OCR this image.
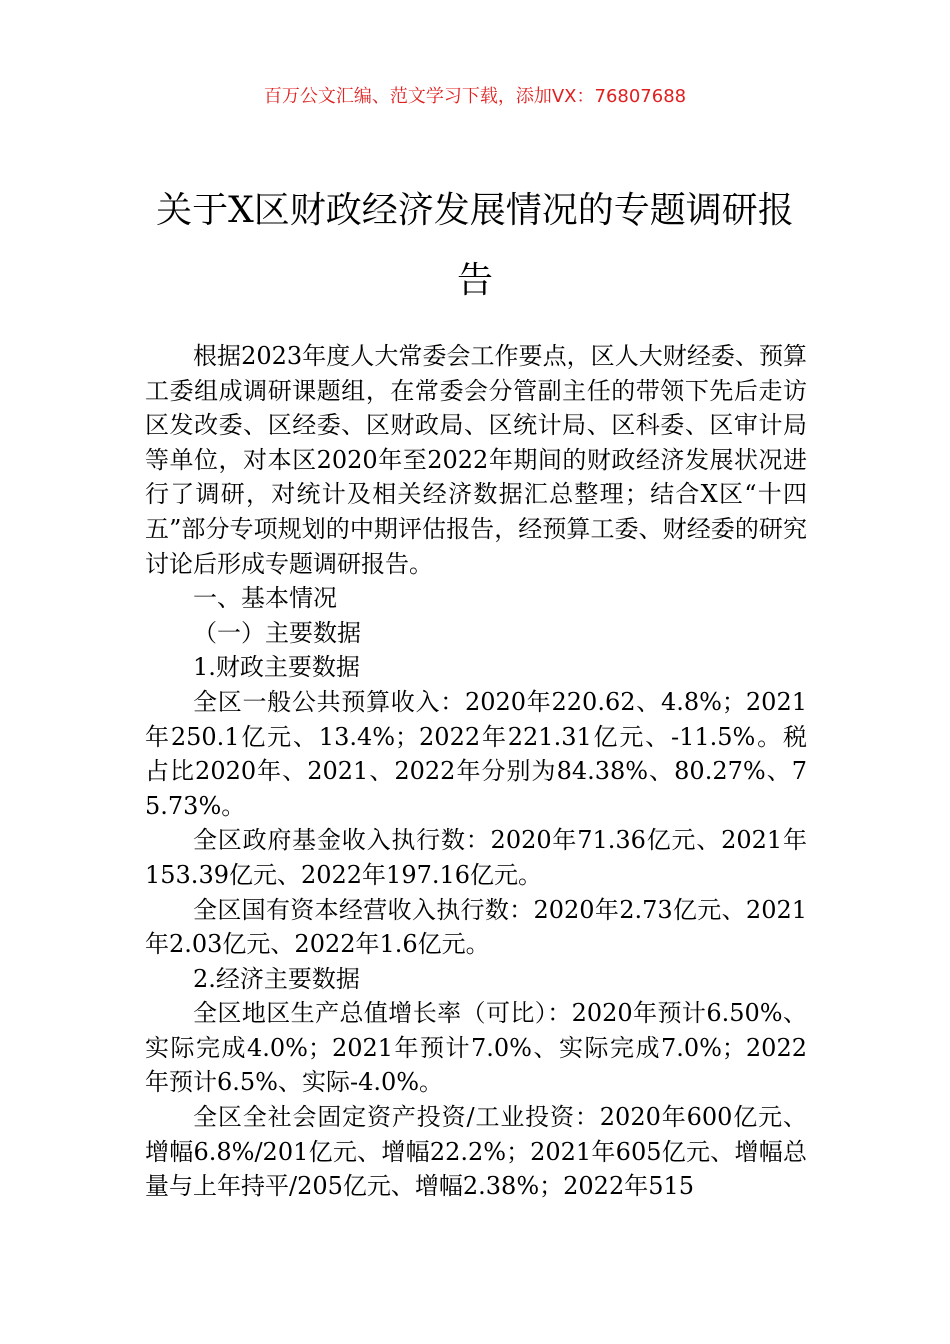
百万公文汇编、范文学习下载，添加VX：76807688
关于X区财政经济发展情况的专题调研报告

根据2023年度人大常委会工作要点，区人大财经委、预算工委组成调研课题组，在常委会分管副主任的带领下先后走访区发改委、区经委、区财政局、区统计局、区科委、区审计局等单位，对本区2020年至2022年期间的财政经济发展状况进行了调研，对统计及相关经济数据汇总整理；结合X区“十四五”部分专项规划的中期评估报告，经预算工委、财经委的研究讨论后形成专题调研报告。

一、基本情况

（一）主要数据

1.财政主要数据

全区一般公共预算收入：2020年220.62、4.8%；2021年250.1亿元、13.4%；2022年221.31亿元、-11.5%。税占比2020年、2021、2022年分别为84.38%、80.27%、75.73%。

全区政府基金收入执行数：2020年71.36亿元、2021年153.39亿元、2022年197.16亿元。

全区国有资本经营收入执行数：2020年2.73亿元、2021年2.03亿元、2022年1.6亿元。

2.经济主要数据

全区地区生产总值增长率（可比）：2020年预计6.50%、实际完成4.0%；2021年预计7.0%、实际完成7.0%；2022年预计6.5%、实际-4.0%。

全区全社会固定资产投资/工业投资：2020年600亿元、增幅6.8%/201亿元、增幅22.2%；2021年605亿元、增幅总量与上年持平/205亿元、增幅2.38%；2022年515
